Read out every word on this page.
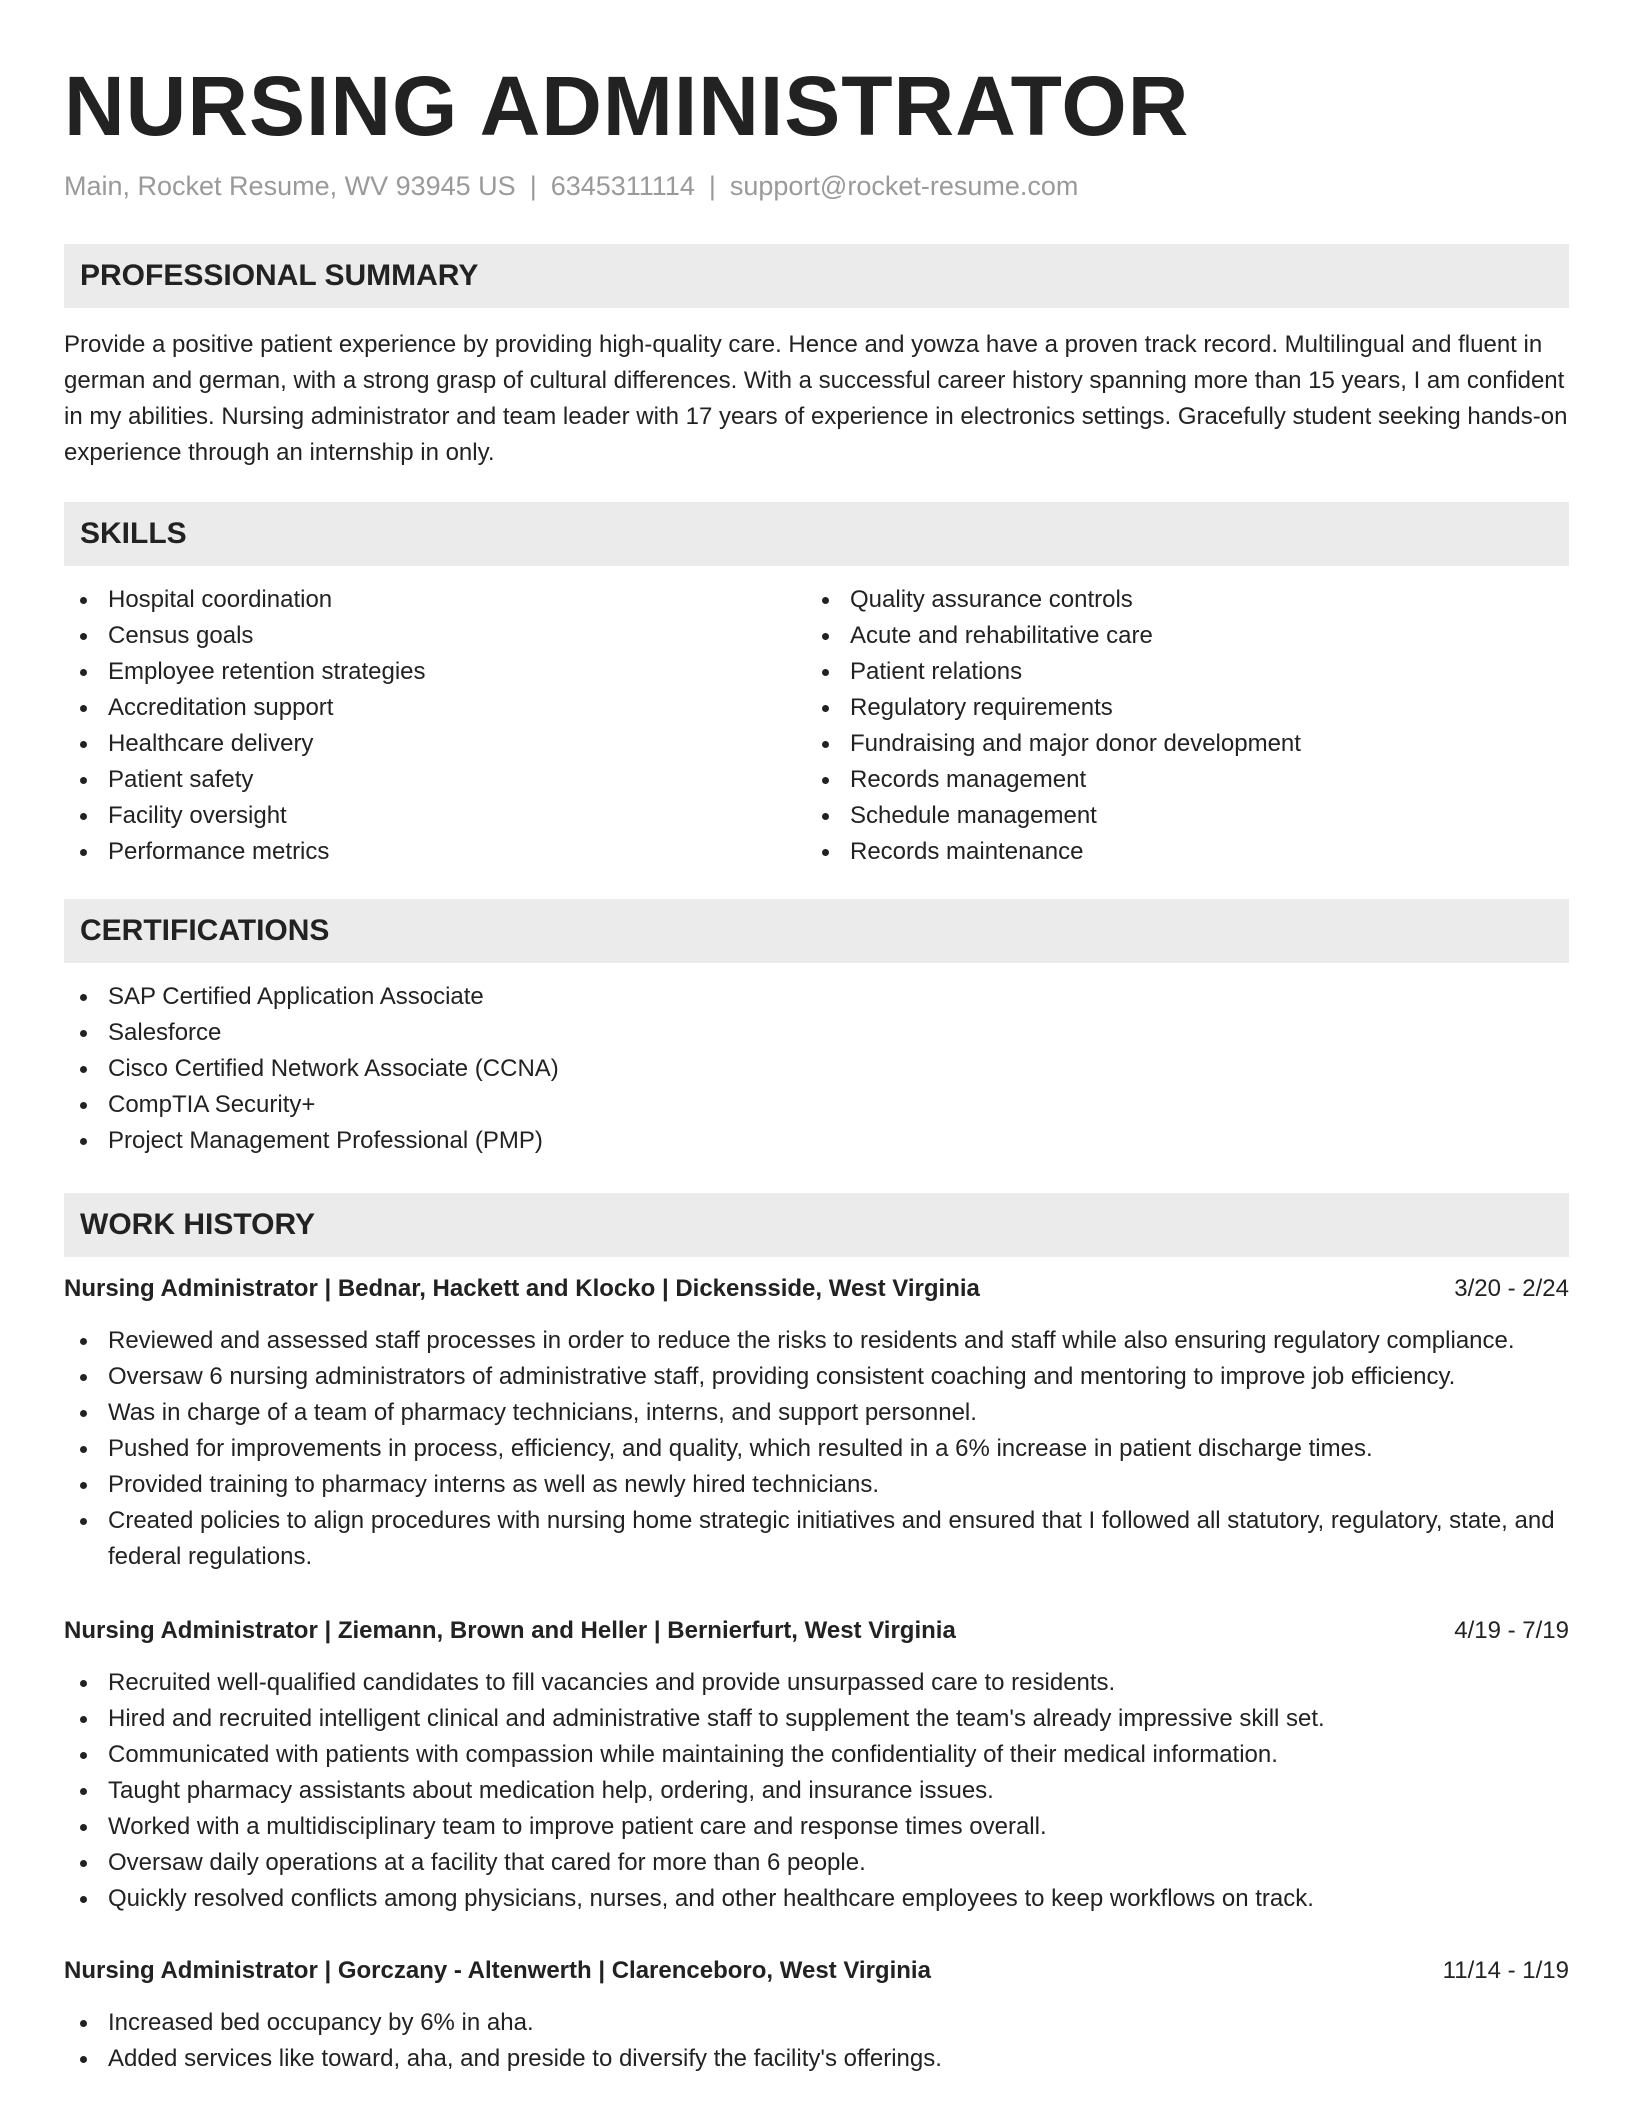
NURSING ADMINISTRATOR
Main, Rocket Resume, WV 93945 US | 6345311114 | support@rocket-resume.com
PROFESSIONAL SUMMARY

Provide a positive patient experience by providing high-quality care. Hence and yowza have a proven track record. Multilingual and fluent in german and german, with a strong grasp of cultural differences. With a successful career history spanning more than 15 years, I am confident in my abilities. Nursing administrator and team leader with 17 years of experience in electronics settings. Gracefully student seeking hands-on experience through an internship in only.

SKILLS
Hospital coordination
Census goals
Employee retention strategies
Accreditation support
Healthcare delivery
Patient safety
Facility oversight
Performance metrics
Quality assurance controls
Acute and rehabilitative care
Patient relations
Regulatory requirements
Fundraising and major donor development
Records management
Schedule management
Records maintenance
CERTIFICATIONS
SAP Certified Application Associate
Salesforce
Cisco Certified Network Associate (CCNA)
CompTIA Security+
Project Management Professional (PMP)
WORK HISTORY
Nursing Administrator | Bednar, Hackett and Klocko | Dickensside, West Virginia	3/20 - 2/24
Reviewed and assessed staff processes in order to reduce the risks to residents and staff while also ensuring regulatory compliance.
Oversaw 6 nursing administrators of administrative staff, providing consistent coaching and mentoring to improve job efficiency.
Was in charge of a team of pharmacy technicians, interns, and support personnel.
Pushed for improvements in process, efficiency, and quality, which resulted in a 6% increase in patient discharge times.
Provided training to pharmacy interns as well as newly hired technicians.
Created policies to align procedures with nursing home strategic initiatives and ensured that I followed all statutory, regulatory, state, and federal regulations.
Nursing Administrator | Ziemann, Brown and Heller | Bernierfurt, West Virginia	4/19 - 7/19
Recruited well-qualified candidates to fill vacancies and provide unsurpassed care to residents.
Hired and recruited intelligent clinical and administrative staff to supplement the team's already impressive skill set.
Communicated with patients with compassion while maintaining the confidentiality of their medical information.
Taught pharmacy assistants about medication help, ordering, and insurance issues.
Worked with a multidisciplinary team to improve patient care and response times overall.
Oversaw daily operations at a facility that cared for more than 6 people.
Quickly resolved conflicts among physicians, nurses, and other healthcare employees to keep workflows on track.
Nursing Administrator | Gorczany - Altenwerth | Clarenceboro, West Virginia	11/14 - 1/19
Increased bed occupancy by 6% in aha.
Added services like toward, aha, and preside to diversify the facility's offerings.
